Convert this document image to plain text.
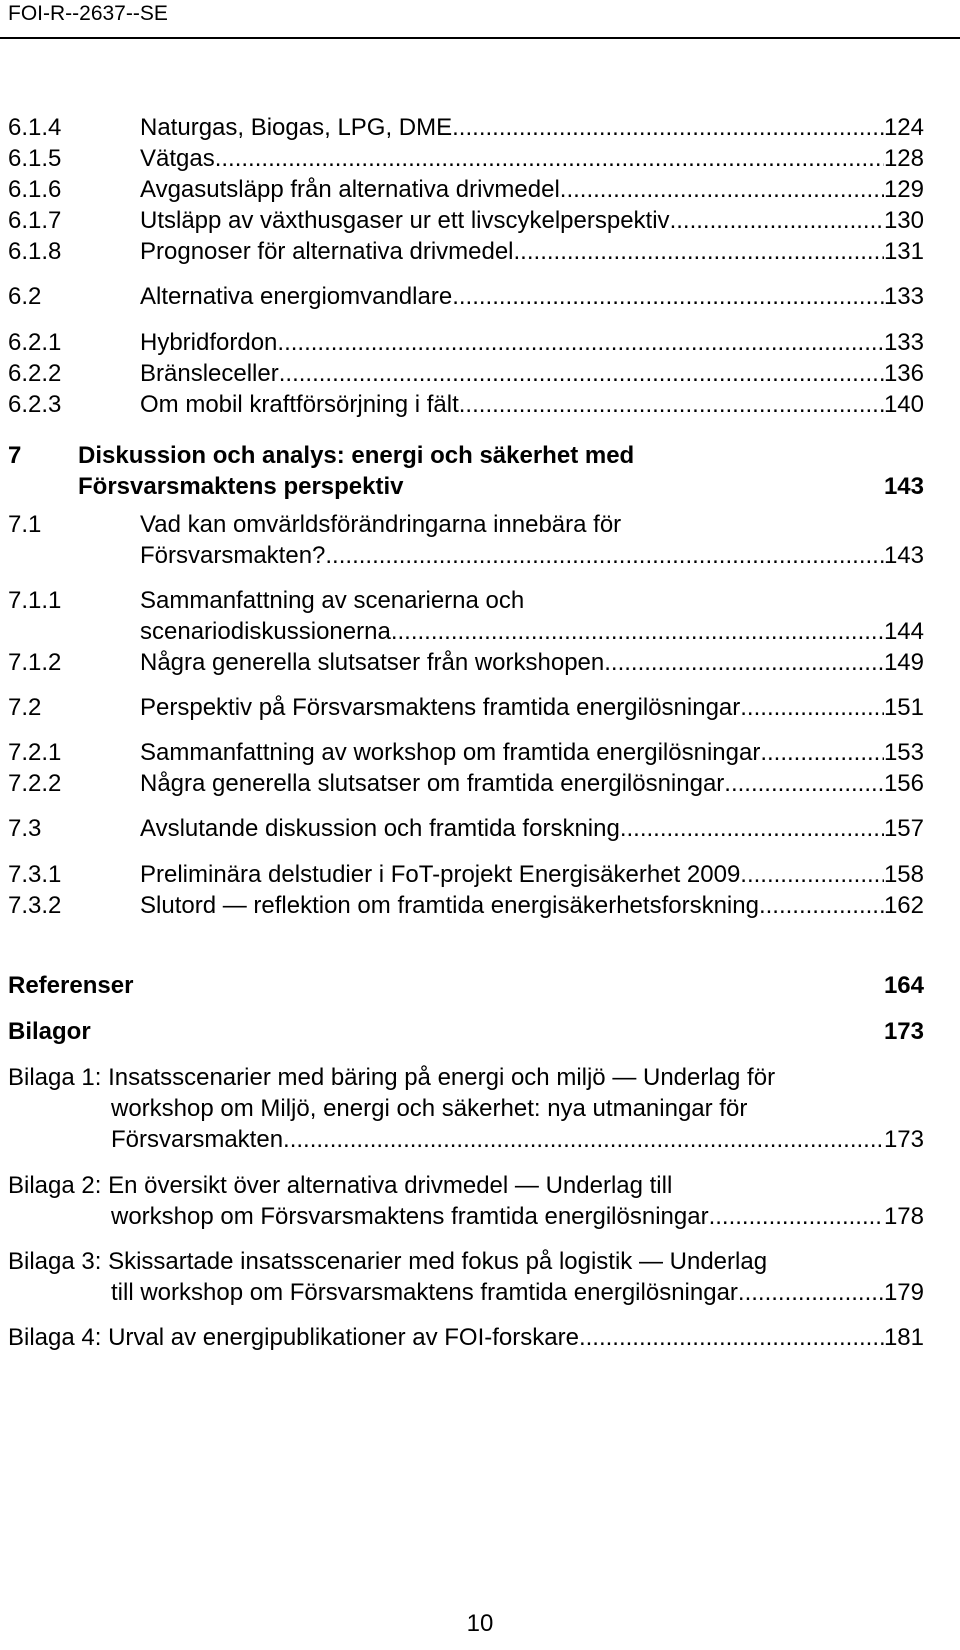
FOI-R--2637--SE
6.1.4	Naturgas, Biogas, LPG, DME .....	124
6.1.5	Vätgas .....	128
6.1.6	Avgasutsläpp från alternativa drivmedel .....	129
6.1.7	Utsläpp av växthusgaser ur ett livscykelperspektiv .....	130
6.1.8	Prognoser för alternativa drivmedel .....	131
6.2	Alternativa energiomvandlare .....	133
6.2.1	Hybridfordon .....	133
6.2.2	Bränsleceller .....	136
6.2.3	Om mobil kraftförsörjning i fält .....	140
7 Diskussion och analys: energi och säkerhet med
Försvarsmaktens perspektiv	143
7.1	Vad kan omvärldsförändringarna innebära för
Försvarsmakten? .....	143
7.1.1	Sammanfattning av scenarierna och
scenariodiskussionerna .....	144
7.1.2	Några generella slutsatser från workshopen .....	149
7.2	Perspektiv på Försvarsmaktens framtida energilösningar .....	151
7.2.1	Sammanfattning av workshop om framtida energilösningar .....	153
7.2.2	Några generella slutsatser om framtida energilösningar .....	156
7.3	Avslutande diskussion och framtida forskning .....	157
7.3.1	Preliminära delstudier i FoT-projekt Energisäkerhet 2009 .....	158
7.3.2	Slutord — reflektion om framtida energisäkerhetsforskning .....	162
Referenser	164
Bilagor	173
Bilaga 1: Insatsscenarier med bäring på energi och miljö — Underlag för
workshop om Miljö, energi och säkerhet: nya utmaningar för
Försvarsmakten .....	173
Bilaga 2: En översikt över alternativa drivmedel — Underlag till
workshop om Försvarsmaktens framtida energilösningar .....	178
Bilaga 3: Skissartade insatsscenarier med fokus på logistik — Underlag
till workshop om Försvarsmaktens framtida energilösningar .....	179
Bilaga 4: Urval av energipublikationer av FOI-forskare .....	181
10
